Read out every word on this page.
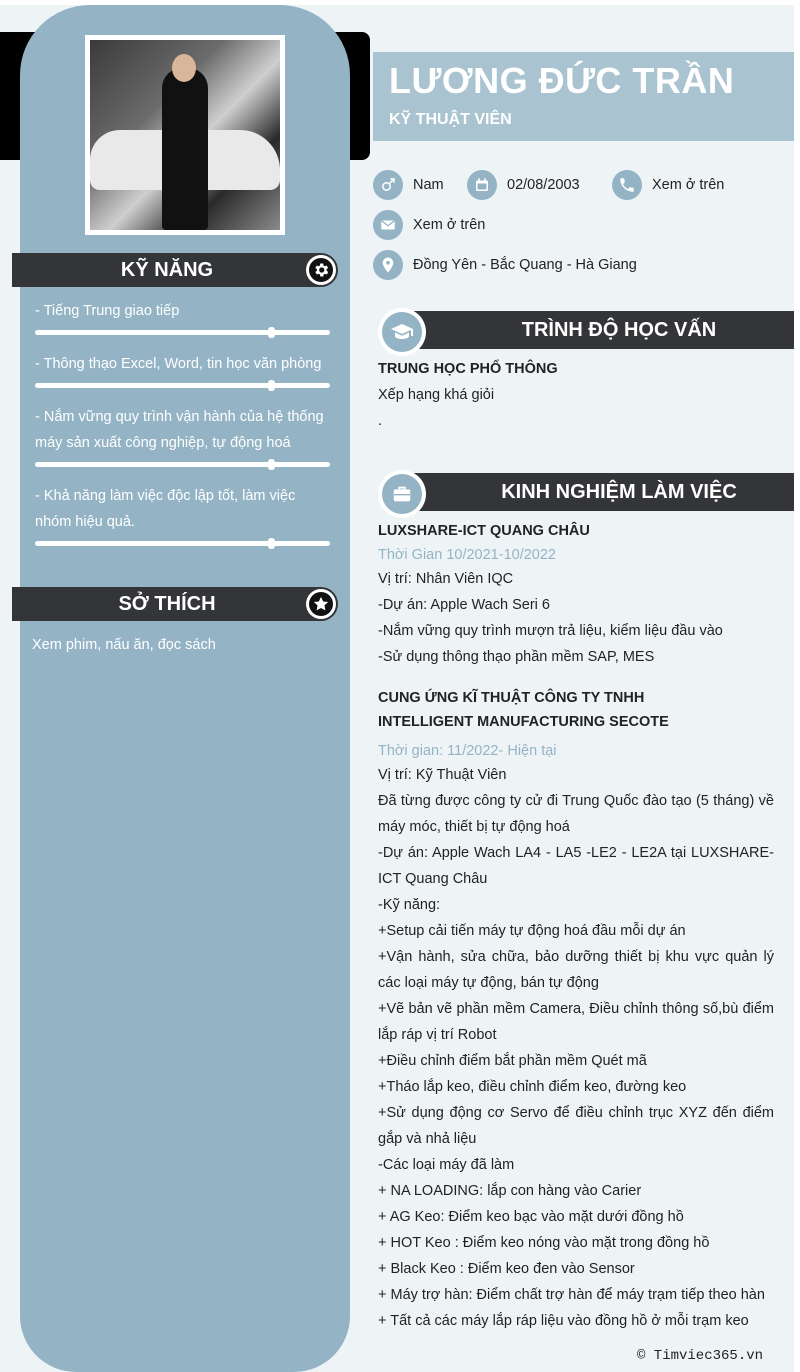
KỸ NĂNG
- Tiếng Trung giao tiếp
- Thông thạo Excel, Word, tin học văn phòng
- Nắm vững quy trình vận hành của hệ thống máy sản xuất công nghiệp, tự động hoá
- Khả năng làm việc độc lập tốt, làm việc nhóm hiệu quả.
SỞ THÍCH
Xem phim, nấu ăn, đọc sách
LƯƠNG ĐỨC TRẦN
KỸ THUẬT VIÊN
Nam	02/08/2003	Xem ở trên
Xem ở trên
Đồng Yên - Bắc Quang - Hà Giang
TRÌNH ĐỘ HỌC VẤN
TRUNG HỌC PHỔ THÔNG
Xếp hạng khá giỏi
.
KINH NGHIỆM LÀM VIỆC
LUXSHARE-ICT QUANG CHÂU
Thời Gian 10/2021-10/2022
Vị trí: Nhân Viên IQC
-Dự án: Apple Wach Seri 6
-Nắm vững quy trình mượn trả liệu, kiểm liệu đầu vào
-Sử dụng thông thạo phần mềm SAP, MES
CUNG ỨNG KĨ THUẬT CÔNG TY TNHH INTELLIGENT MANUFACTURING SECOTE
Thời gian: 11/2022- Hiện tại
Vị trí: Kỹ Thuật Viên
Đã từng được công ty cử đi Trung Quốc đào tạo (5 tháng) về máy móc, thiết bị tự động hoá
-Dự án: Apple Wach LA4 - LA5 -LE2 - LE2A tại LUXSHARE-ICT Quang Châu
-Kỹ năng:
+Setup cải tiến máy tự động hoá đầu mỗi dự án
+Vận hành, sửa chữa, bảo dưỡng thiết bị khu vực quản lý các loại máy tự động, bán tự động
+Vẽ bản vẽ phần mềm Camera, Điều chỉnh thông số,bù điểm lắp ráp vị trí Robot
+Điều chỉnh điểm bắt phần mềm Quét mã
+Tháo lắp keo, điều chỉnh điểm keo, đường keo
+Sử dụng động cơ Servo để điều chỉnh trục XYZ đến điểm gắp và nhả liệu
-Các loại máy đã làm
+ NA LOADING: lắp con hàng vào Carier
+ AG Keo: Điểm keo bạc vào mặt dưới đồng hồ
+ HOT Keo : Điểm keo nóng vào mặt trong đồng hồ
+ Black Keo : Điểm keo đen vào Sensor
+ Máy trợ hàn: Điểm chất trợ hàn để máy trạm tiếp theo hàn
+ Tất cả các máy lắp ráp liệu vào đồng hồ ở mỗi trạm keo
© Timviec365.vn
